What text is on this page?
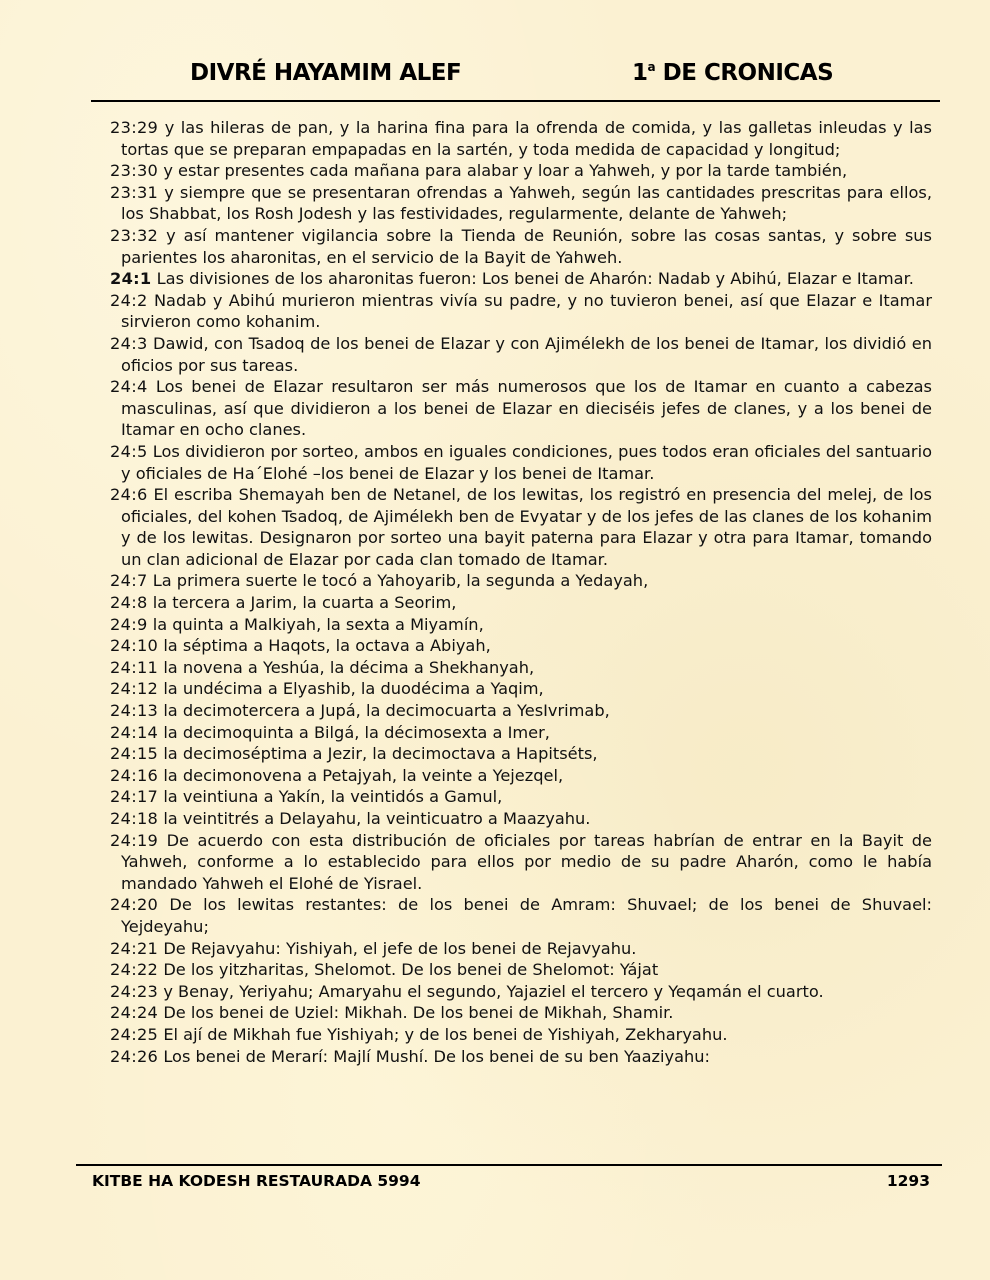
DIVRÉ HAYAMIM ALEF	1$^a$ DE CRONICAS

23:29 y las hileras de pan, y la harina fina para la ofrenda de comida, y las galletas inleudas y las tortas que se preparan empapadas en la sartén, y toda medida de capacidad y longitud;

23:30 y estar presentes cada mañana para alabar y loar a Yahweh, y por la tarde también,

23:31 y siempre que se presentaran ofrendas a Yahweh, según las cantidades prescritas para ellos, los Shabbat, los Rosh Jodesh y las festividades, regularmente, delante de Yahweh;

23:32 y así mantener vigilancia sobre la Tienda de Reunión, sobre las cosas santas, y sobre sus parientes los aharonitas, en el servicio de la Bayit de Yahweh.

24:1 Las divisiones de los aharonitas fueron: Los benei de Aharón: Nadab y Abihú, Elazar e Itamar.

24:2 Nadab y Abihú murieron mientras vivía su padre, y no tuvieron benei, así que Elazar e Itamar sirvieron como kohanim.

24:3 Dawid, con Tsadoq de los benei de Elazar y con Ajimélekh de los benei de Itamar, los dividió en oficios por sus tareas.

24:4 Los benei de Elazar resultaron ser más numerosos que los de Itamar en cuanto a cabezas masculinas, así que dividieron a los benei de Elazar en dieciséis jefes de clanes, y a los benei de Itamar en ocho clanes.

24:5 Los dividieron por sorteo, ambos en iguales condiciones, pues todos eran oficiales del santuario y oficiales de Ha´Elohé –los benei de Elazar y los benei de Itamar.

24:6 El escriba Shemayah ben de Netanel, de los lewitas, los registró en presencia del melej, de los oficiales, del kohen Tsadoq, de Ajimélekh ben de Evyatar y de los jefes de las clanes de los kohanim y de los lewitas. Designaron por sorteo una bayit paterna para Elazar y otra para Itamar, tomando un clan adicional de Elazar por cada clan tomado de Itamar.

24:7 La primera suerte le tocó a Yahoyarib, la segunda a Yedayah,

24:8 la tercera a Jarim, la cuarta a Seorim,

24:9 la quinta a Malkiyah, la sexta a Miyamín,

24:10 la séptima a Haqots, la octava a Abiyah,

24:11 la novena a Yeshúa, la décima a Shekhanyah,

24:12 la undécima a Elyashib, la duodécima a Yaqim,

24:13 la decimotercera a Jupá, la decimocuarta a YesIvrimab,

24:14 la decimoquinta a Bilgá, la décimosexta a Imer,

24:15 la decimoséptima a Jezir, la decimoctava a Hapitséts,

24:16 la decimonovena a Petajyah, la veinte a Yejezqel,

24:17 la veintiuna a Yakín, la veintidós a Gamul,

24:18 la veintitrés a Delayahu, la veinticuatro a Maazyahu.

24:19 De acuerdo con esta distribución de oficiales por tareas habrían de entrar en la Bayit de Yahweh, conforme a lo establecido para ellos por medio de su padre Aharón, como le había mandado Yahweh el Elohé de Yisrael.

24:20 De los lewitas restantes: de los benei de Amram: Shuvael; de los benei de Shuvael: Yejdeyahu;

24:21 De Rejavyahu: Yishiyah, el jefe de los benei de Rejavyahu.

24:22 De los yitzharitas, Shelomot. De los benei de Shelomot: Yájat

24:23 y Benay, Yeriyahu; Amaryahu el segundo, Yajaziel el tercero y Yeqamán el cuarto.

24:24 De los benei de Uziel: Mikhah. De los benei de Mikhah, Shamir.

24:25 El ají de Mikhah fue Yishiyah; y de los benei de Yishiyah, Zekharyahu.

24:26 Los benei de Merarí: Majlí Mushí. De los benei de su ben Yaaziyahu:

KITBE HA KODESH RESTAURADA 5994	1293
